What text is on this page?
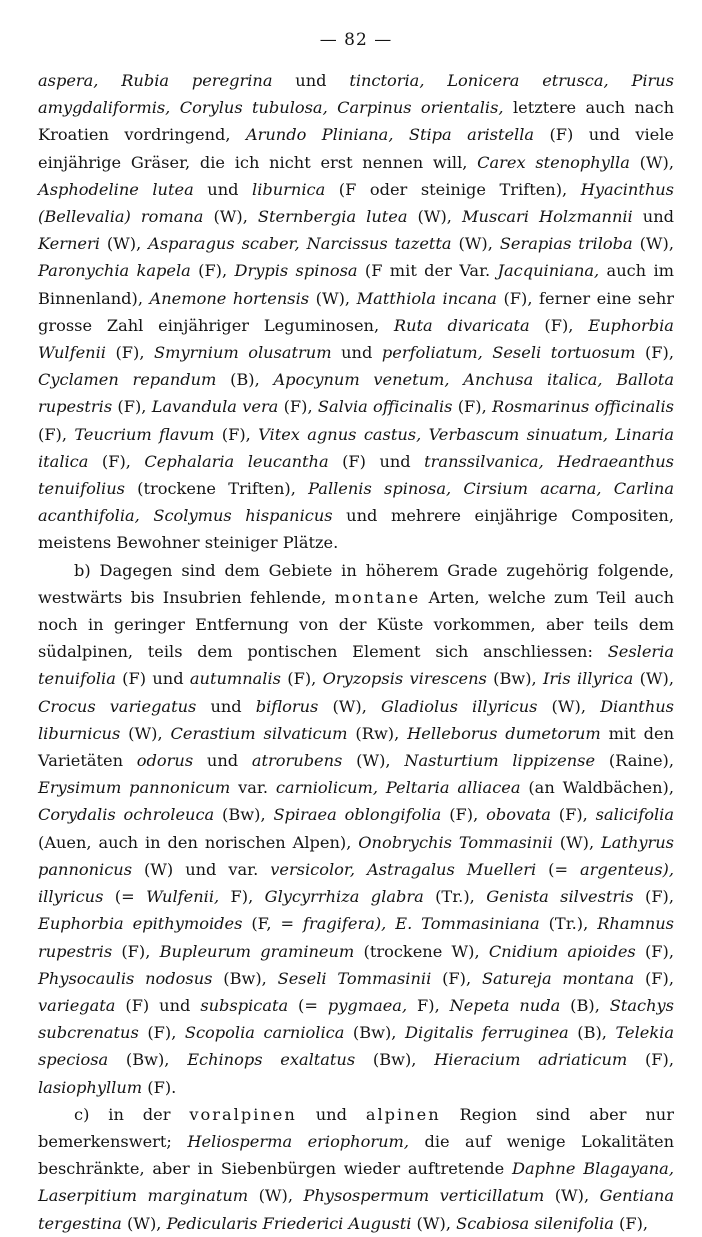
— 82 —

aspera, Rubia peregrina und tinctoria, Lonicera etrusca, Pirus amygdaliformis, Corylus tubulosa, Carpinus orientalis, letztere auch nach Kroatien vordringend, Arundo Pliniana, Stipa aristella (F) und viele einjährige Gräser, die ich nicht erst nennen will, Carex stenophylla (W), Asphodeline lutea und liburnica (F oder steinige Triften), Hyacinthus (Bellevalia) romana (W), Sternbergia lutea (W), Muscari Holzmannii und Kerneri (W), Asparagus scaber, Narcissus tazetta (W), Serapias triloba (W), Paronychia kapela (F), Drypis spinosa (F mit der Var. Jacquiniana, auch im Binnenland), Anemone hortensis (W), Matthiola incana (F), ferner eine sehr grosse Zahl einjähriger Leguminosen, Ruta divaricata (F), Euphorbia Wulfenii (F), Smyrnium olusatrum und perfoliatum, Seseli tortuosum (F), Cyclamen repandum (B), Apocynum venetum, Anchusa italica, Ballota rupestris (F), Lavandula vera (F), Salvia officinalis (F), Rosmarinus officinalis (F), Teucrium flavum (F), Vitex agnus castus, Verbascum sinuatum, Linaria italica (F), Cephalaria leucantha (F) und transsilvanica, Hedraeanthus tenuifolius (trockene Triften), Pallenis spinosa, Cirsium acarna, Carlina acanthifolia, Scolymus hispanicus und mehrere einjährige Compositen, meistens Bewohner steiniger Plätze.

b) Dagegen sind dem Gebiete in höherem Grade zugehörig folgende, westwärts bis Insubrien fehlende, montane Arten, welche zum Teil auch noch in geringer Entfernung von der Küste vorkommen, aber teils dem südalpinen, teils dem pontischen Element sich anschliessen: Sesleria tenuifolia (F) und autumnalis (F), Oryzopsis virescens (Bw), Iris illyrica (W), Crocus variegatus und biflorus (W), Gladiolus illyricus (W), Dianthus liburnicus (W), Cerastium silvaticum (Rw), Helleborus dumetorum mit den Varietäten odorus und atrorubens (W), Nasturtium lippizense (Raine), Erysimum pannonicum var. carniolicum, Peltaria alliacea (an Waldbächen), Corydalis ochroleuca (Bw), Spiraea oblongifolia (F), obovata (F), salicifolia (Auen, auch in den norischen Alpen), Onobrychis Tommasinii (W), Lathyrus pannonicus (W) und var. versicolor, Astragalus Muelleri (= argenteus), illyricus (= Wulfenii, F), Glycyrrhiza glabra (Tr.), Genista silvestris (F), Euphorbia epithymoides (F, = fragifera), E. Tommasiniana (Tr.), Rhamnus rupestris (F), Bupleurum gramineum (trockene W), Cnidium apioides (F), Physocaulis nodosus (Bw), Seseli Tommasinii (F), Satureja montana (F), variegata (F) und subspicata (= pygmaea, F), Nepeta nuda (B), Stachys subcrenatus (F), Scopolia carniolica (Bw), Digitalis ferruginea (B), Telekia speciosa (Bw), Echinops exaltatus (Bw), Hieracium adriaticum (F), lasiophyllum (F).

c) in der voralpinen und alpinen Region sind aber nur bemerkenswert; Heliosperma eriophorum, die auf wenige Lokalitäten beschränkte, aber in Siebenbürgen wieder auftretende Daphne Blagayana, Laserpitium marginatum (W), Physospermum verticillatum (W), Gentiana tergestina (W), Pedicularis Friederici Augusti (W), Scabiosa silenifolia (F),
